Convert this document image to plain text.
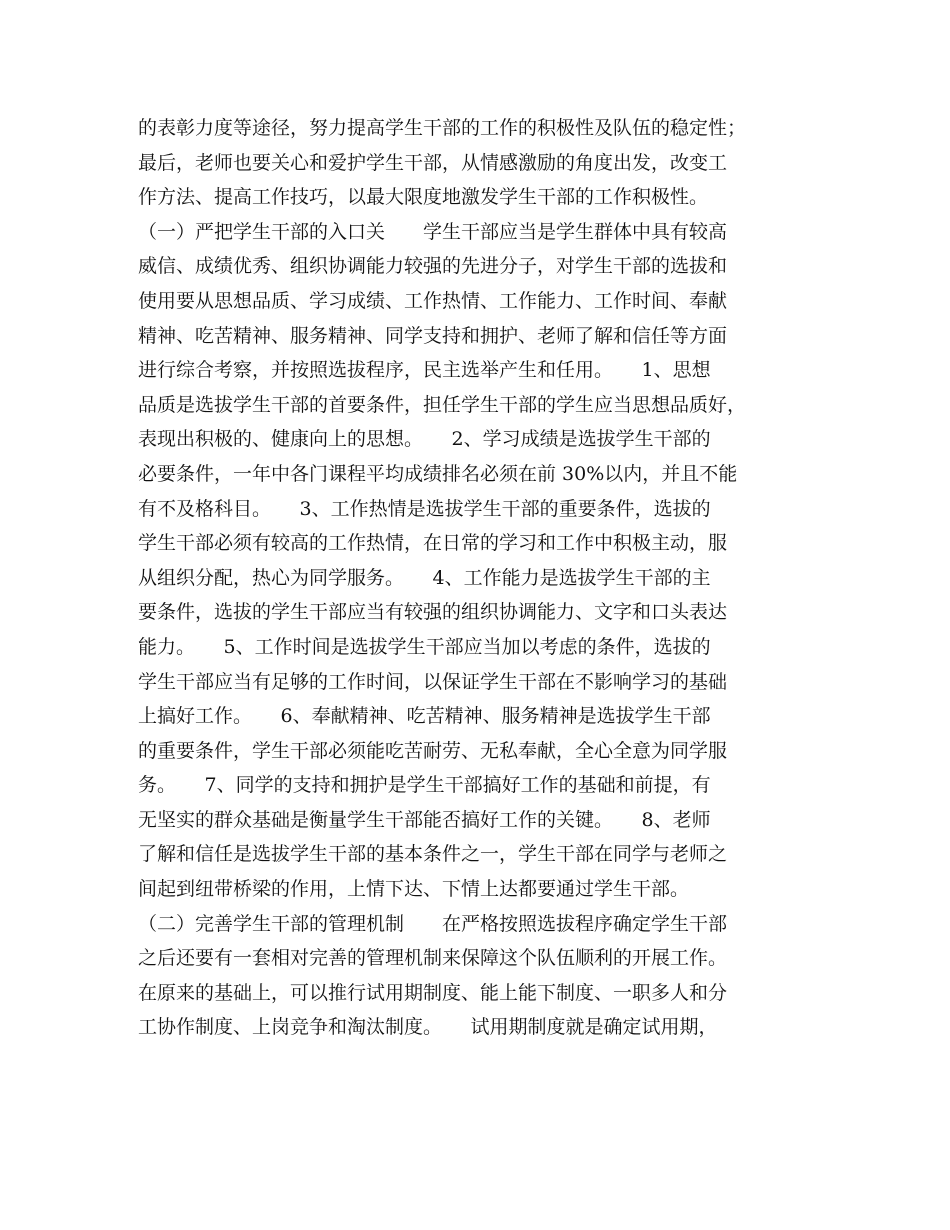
的表彰力度等途径，努力提高学生干部的工作的积极性及队伍的稳定性；
最后，老师也要关心和爱护学生干部，从情感激励的角度出发，改变工
作方法、提高工作技巧，以最大限度地激发学生干部的工作积极性。
（一）严把学生干部的入口关　　学生干部应当是学生群体中具有较高
威信、成绩优秀、组织协调能力较强的先进分子，对学生干部的选拔和
使用要从思想品质、学习成绩、工作热情、工作能力、工作时间、奉献
精神、吃苦精神、服务精神、同学支持和拥护、老师了解和信任等方面
进行综合考察，并按照选拔程序，民主选举产生和任用。　　1、思想
品质是选拔学生干部的首要条件，担任学生干部的学生应当思想品质好，
表现出积极的、健康向上的思想。　　2、学习成绩是选拔学生干部的
必要条件，一年中各门课程平均成绩排名必须在前 30%以内，并且不能
有不及格科目。　　3、工作热情是选拔学生干部的重要条件，选拔的
学生干部必须有较高的工作热情，在日常的学习和工作中积极主动，服
从组织分配，热心为同学服务。　　4、工作能力是选拔学生干部的主
要条件，选拔的学生干部应当有较强的组织协调能力、文字和口头表达
能力。　　5、工作时间是选拔学生干部应当加以考虑的条件，选拔的
学生干部应当有足够的工作时间，以保证学生干部在不影响学习的基础
上搞好工作。　　6、奉献精神、吃苦精神、服务精神是选拔学生干部
的重要条件，学生干部必须能吃苦耐劳、无私奉献，全心全意为同学服
务。　　7、同学的支持和拥护是学生干部搞好工作的基础和前提，有
无坚实的群众基础是衡量学生干部能否搞好工作的关键。　　8、老师
了解和信任是选拔学生干部的基本条件之一，学生干部在同学与老师之
间起到纽带桥梁的作用，上情下达、下情上达都要通过学生干部。
（二）完善学生干部的管理机制　　在严格按照选拔程序确定学生干部
之后还要有一套相对完善的管理机制来保障这个队伍顺利的开展工作。
在原来的基础上，可以推行试用期制度、能上能下制度、一职多人和分
工协作制度、上岗竞争和淘汰制度。　　试用期制度就是确定试用期，
